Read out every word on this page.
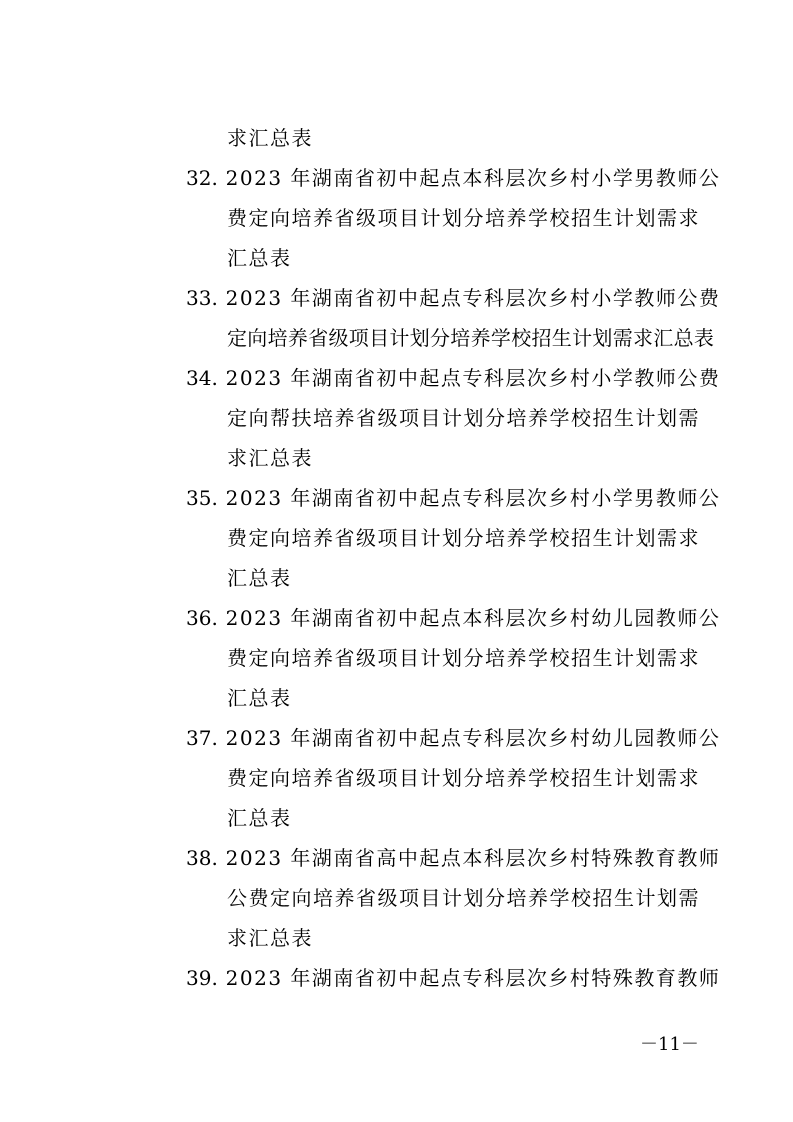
求汇总表
32. 2023 年湖南省初中起点本科层次乡村小学男教师公
费定向培养省级项目计划分培养学校招生计划需求
汇总表
33. 2023 年湖南省初中起点专科层次乡村小学教师公费
定向培养省级项目计划分培养学校招生计划需求汇总表
34. 2023 年湖南省初中起点专科层次乡村小学教师公费
定向帮扶培养省级项目计划分培养学校招生计划需
求汇总表
35. 2023 年湖南省初中起点专科层次乡村小学男教师公
费定向培养省级项目计划分培养学校招生计划需求
汇总表
36. 2023 年湖南省初中起点本科层次乡村幼儿园教师公
费定向培养省级项目计划分培养学校招生计划需求
汇总表
37. 2023 年湖南省初中起点专科层次乡村幼儿园教师公
费定向培养省级项目计划分培养学校招生计划需求
汇总表
38. 2023 年湖南省高中起点本科层次乡村特殊教育教师
公费定向培养省级项目计划分培养学校招生计划需
求汇总表
39. 2023 年湖南省初中起点专科层次乡村特殊教育教师
－11－
